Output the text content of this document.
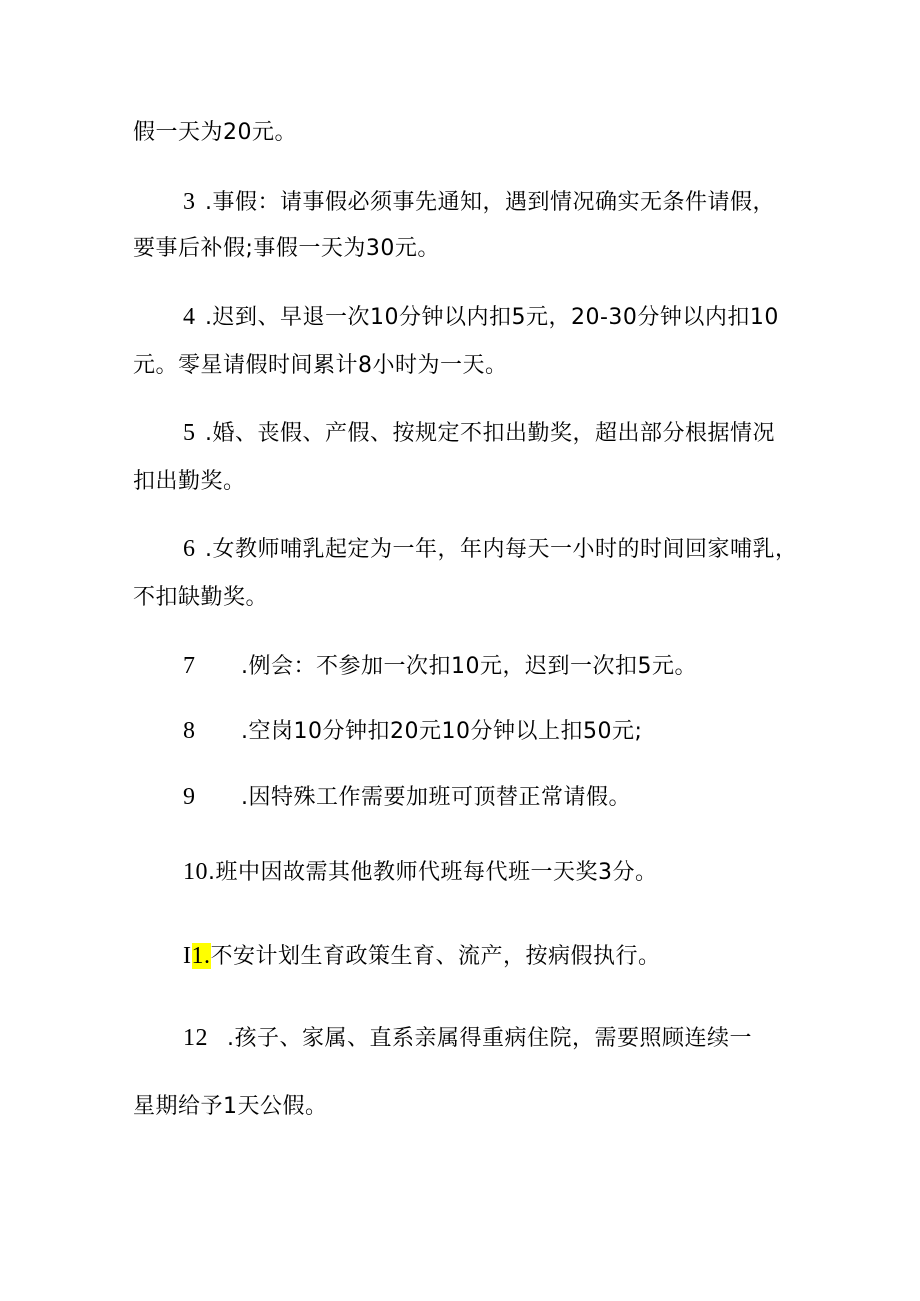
假一天为20元。
3 .事假：请事假必须事先通知，遇到情况确实无条件请假，
要事后补假;事假一天为30元。
4 .迟到、早退一次10分钟以内扣5元，20-30分钟以内扣10
元。零星请假时间累计8小时为一天。
5 .婚、丧假、产假、按规定不扣出勤奖，超出部分根据情况
扣出勤奖。
6 .女教师哺乳起定为一年，年内每天一小时的时间回家哺乳，
不扣缺勤奖。
7 .例会：不参加一次扣10元，迟到一次扣5元。
8 .空岗10分钟扣20元10分钟以上扣50元;
9 .因特殊工作需要加班可顶替正常请假。
10.班中因故需其他教师代班每代班一天奖3分。
I1.不安计划生育政策生育、流产，按病假执行。
12 .孩子、家属、直系亲属得重病住院，需要照顾连续一
星期给予1天公假。
